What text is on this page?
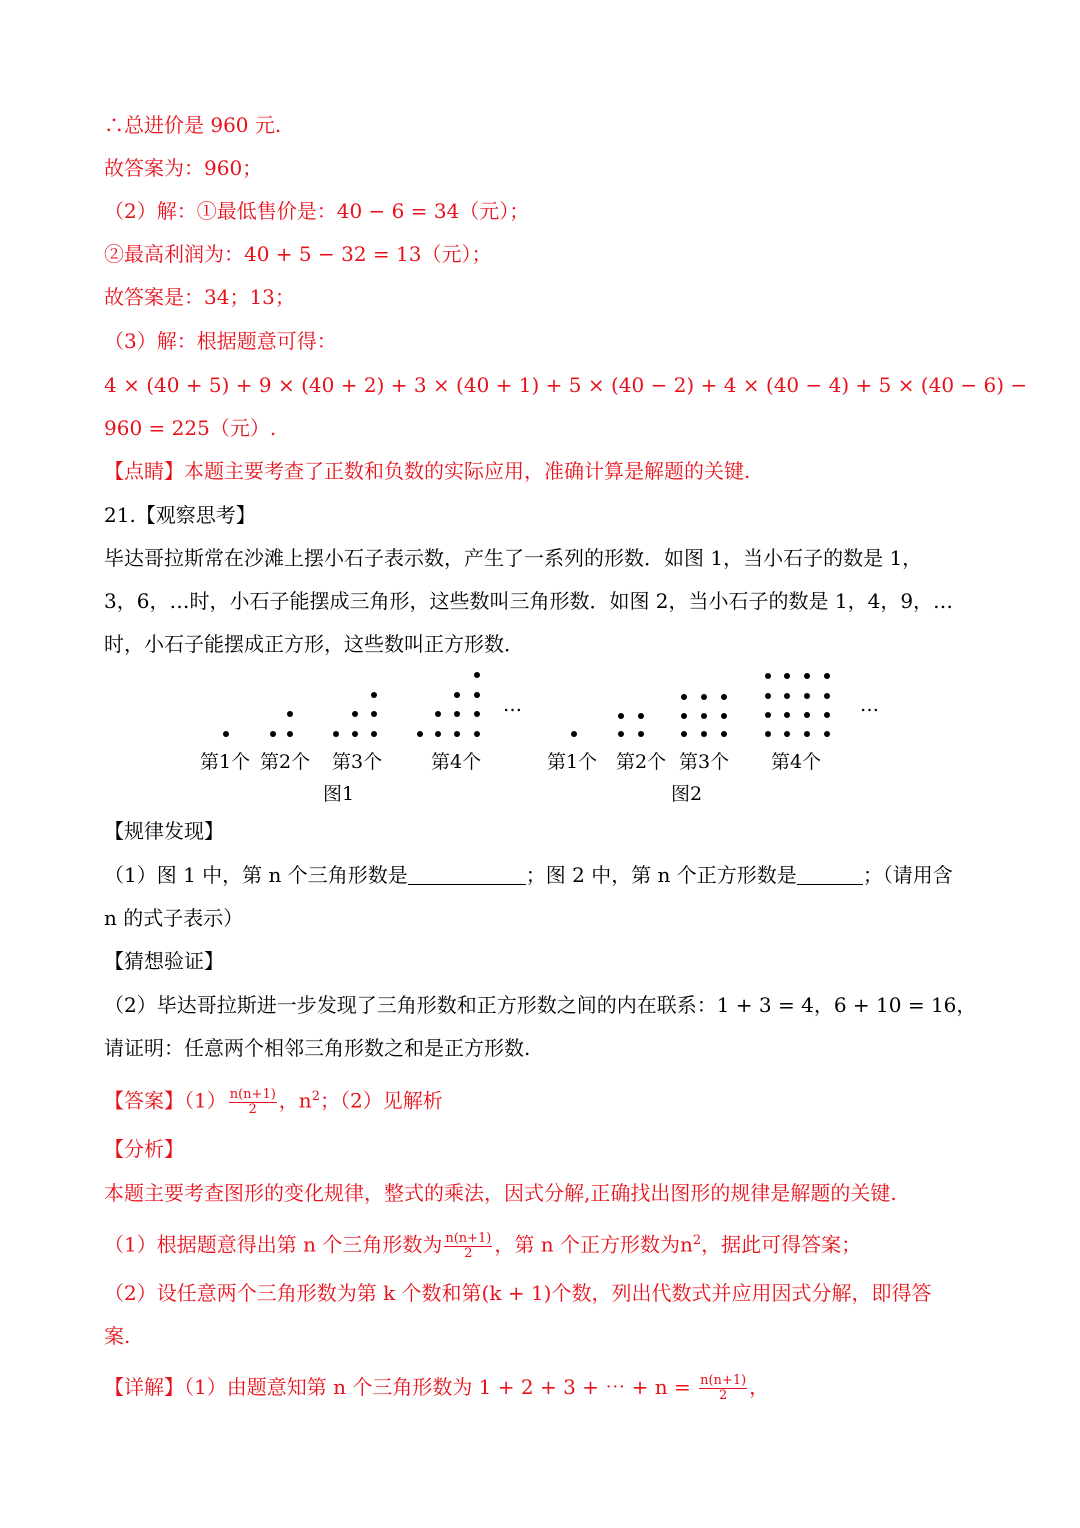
∴总进价是 960 元.
故答案为：960；
（2）解：①最低售价是：40 − 6 = 34（元）；
②最高利润为：40 + 5 − 32 = 13（元）；
故答案是：34；13；
（3）解：根据题意可得：
4 × (40 + 5) + 9 × (40 + 2) + 3 × (40 + 1) + 5 × (40 − 2) + 4 × (40 − 4) + 5 × (40 − 6) −
960 = 225（元）.
【点睛】本题主要考查了正数和负数的实际应用，准确计算是解题的关键.
21.【观察思考】
毕达哥拉斯常在沙滩上摆小石子表示数，产生了一系列的形数．如图 1，当小石子的数是 1，
3，6，…时，小石子能摆成三角形，这些数叫三角形数．如图 2，当小石子的数是 1，4，9，…
时，小石子能摆成正方形，这些数叫正方形数．
…	…
第1个 第2个 第3个	第4个
图1
第1个 第2个 第3个 第4个
图2
【规律发现】
（1）图 1 中，第 n 个三角形数是	；图 2 中，第 n 个正方形数是	；（请用含
n 的式子表示）
【猜想验证】
（2）毕达哥拉斯进一步发现了三角形数和正方形数之间的内在联系：1 + 3 = 4，6 + 10 = 16，
请证明：任意两个相邻三角形数之和是正方形数.
【答案】$(1) \frac{n(n+1)}{2}$ ，$n^2$；（2）见解析
【分析】
本题主要考查图形的变化规律，整式的乘法，因式分解,正确找出图形的规律是解题的关键.
（1）根据题意得出第 n 个三角形数为 $\frac{n(n+1)}{2}$ ，第 n 个正方形数为$n^2$，据此可得答案；
（2）设任意两个三角形数为第 k 个数和第(k + 1)个数，列出代数式并应用因式分解，即得答
案.
【详解】（1）由题意知第 n 个三角形数为 1 + 2 + 3 + ⋯ + $n = \frac{n(n+1)}{2}$ ，
